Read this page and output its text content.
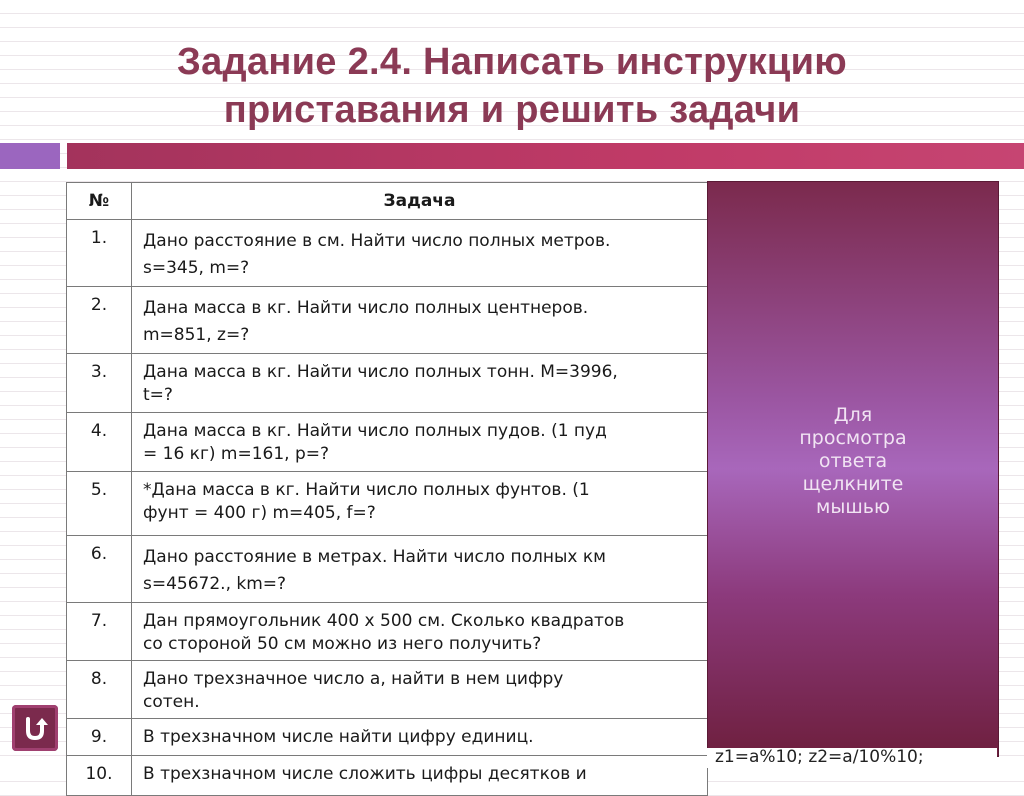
Задание 2.4. Написать инструкцию
приставания и решить задачи
№	Задача
1.	Дано расстояние в см. Найти число полных метров.
s=345, m=?

2.	Дана масса в кг. Найти число полных центнеров.
m=851, z=?

3.	Дана масса в кг. Найти число полных тонн. M=3996,
t=?

4.	Дана масса в кг. Найти число полных пудов. (1 пуд
= 16 кг) m=161, p=?

5.	*Дана масса в кг. Найти число полных фунтов. (1
фунт = 400 г) m=405, f=?

6.	Дано расстояние в метрах. Найти число полных км
s=45672., km=?

7.	Дан прямоугольник 400 х 500 см. Сколько квадратов
со стороной 50 см можно из него получить?

8.	Дано трехзначное число a, найти в нем цифру
сотен.

9.	В трехзначном числе найти цифру единиц.

10.	В трехзначном числе сложить цифры десятков и
Для
просмотра
ответа
щелкните
мышью
z1=a%10; z2=a/10%10;
